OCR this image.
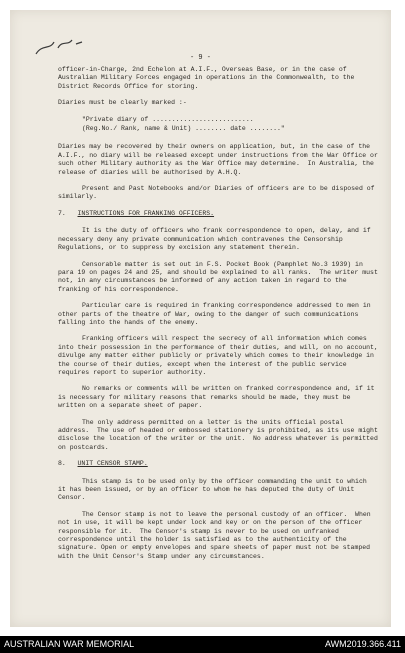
- 9 -

officer-in-Charge, 2nd Echelon at A.I.F., Overseas Base, or in the case of Australian Military Forces engaged in operations in the Commonwealth, to the District Records Office for storing.

Diaries must be clearly marked :-

"Private diary of ..........................

(Reg.No./ Rank, name & Unit) ........ date ........"

Diaries may be recovered by their owners on application, but, in the case of the A.I.F., no diary will be released except under instructions from the War Office or such other Military authority as the War Office may determine.  In Australia, the release of diaries will be authorised by A.H.Q.

Present and Past Notebooks and/or Diaries of officers are to be disposed of similarly.

7. INSTRUCTIONS FOR FRANKING OFFICERS.

It is the duty of officers who frank correspondence to open, delay, and if necessary deny any private communication which contravenes the Censorship Regulations, or to suppress by excision any statement therein.

Censorable matter is set out in F.S. Pocket Book (Pamphlet No.3 1939) in para 19 on pages 24 and 25, and should be explained to all ranks.  The writer must not, in any circumstances be informed of any action taken in regard to the franking of his correspondence.

Particular care is required in franking correspondence addressed to men in other parts of the theatre of War, owing to the danger of such communications falling into the hands of the enemy.

Franking officers will respect the secrecy of all information which comes into their possession in the performance of their duties, and will, on no account, divulge any matter either publicly or privately which comes to their knowledge in the course of their duties, except when the interest of the public service requires report to superior authority.

No remarks or comments will be written on franked correspondence and, if it is necessary for military reasons that remarks should be made, they must be written on a separate sheet of paper.

The only address permitted on a letter is the units official postal address.  The use of headed or embossed stationery is prohibited, as its use might disclose the location of the writer or the unit.  No address whatever is permitted on postcards.

8. UNIT CENSOR STAMP.

This stamp is to be used only by the officer commanding the unit to which it has been issued, or by an officer to whom he has deputed the duty of Unit Censor.

The Censor stamp is not to leave the personal custody of an officer.  When not in use, it will be kept under lock and key or on the person of the officer responsible for it.  The Censor's stamp is never to be used on unfranked correspondence until the holder is satisfied as to the authenticity of the signature. Open or empty envelopes and spare sheets of paper must not be stamped with the Unit Censor's Stamp under any circumstances.

AUSTRALIAN WAR MEMORIAL	AWM2019.366.411
